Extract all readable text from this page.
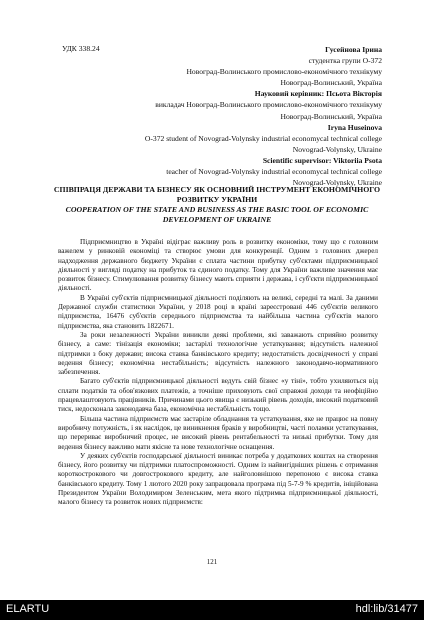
УДК 338.24	Гусейнова Ірина
студентка групи О-372
Новоград-Волинського промислово-економічного технікуму
Новоград-Волинський, Україна
Науковий керівник: Псьота Вікторія
викладач Новоград-Волинського промислово-економічного технікуму
Новоград-Волинський, Україна
Iryna Huseinova
O-372 student of Novograd-Volynsky industrial economycal technical college
Novograd-Volynsky, Ukraine
Scientific supervisor: Viktoriia Psota
teacher of Novograd-Volynsky industrial economycal technical college
Novograd-Volynsky, Ukraine
СПІВПРАЦЯ ДЕРЖАВИ ТА БІЗНЕСУ ЯК ОСНОВНИЙ ІНСТРУМЕНТ ЕКОНОМІЧНОГО РОЗВИТКУ УКРАЇНИ
COOPERATION OF THE STATE AND BUSINESS AS THE BASIC TOOL OF ECONOMIC DEVELOPMENT OF UKRAINE

Підприємництво в Україні відіграє важливу роль в розвитку економіки, тому що є головним важелем у ринковій економіці та створює умови для конкуренції. Одним з головних джерел надходження державного бюджету України є сплата частини прибутку суб'єктами підприємницької діяльності у вигляді податку на прибуток та єдиного податку. Тому для України важливе значення має розвиток бізнесу. Стимулювання розвитку бізнесу мають сприяти і держава, і суб'єкти підприємницької діяльності.

В Україні суб'єктів підприємницької діяльності поділяють на великі, середні та малі. За даними Державної служби статистики України, у 2018 році в країні зареєстровані 446 суб'єктів великого підприємства, 16476 суб'єктів середнього підприємства та найбільша частина суб'єктів малого підприємства, яка становить 1822671.

За роки незалежності України виникли деякі проблеми, які заважають сприяйно розвитку бізнесу, а саме: тінізація економіки; застарілі технологічне устаткування; відсутність належної підтримки з боку держави; висока ставка банківського кредиту; недостатність досвідченості у справі ведення бізнесу; економічна нестабільність; відсутність належного законодавчо-нормативного забезпечення.

Багато суб'єктів підприємницької діяльності ведуть свій бізнес «у тіні», тобто ухиляються від сплати податків та обов'язкових платежів, а точніше приховують свої справжні доходи та неофіційно працевлаштовують працівників. Причинами цього явища є низький рівень доходів, високий податковий тиск, недосконала законодавча база, економічна нестабільність тощо.

Більша частина підприємств має застаріле обладнання та устаткування, яке не працює на повну виробничу потужність, і як наслідок, це виникнення браків у виробництві, часті поламки устаткування, що перериває виробничий процес, не високий рівень рентабельності та низькі прибутки. Тому для ведення бізнесу важливо мати якісне та нове технологічне оснащення.

У деяких суб'єктів господарської діяльності виникає потреба у додаткових коштах на створення бізнесу, його розвитку чи підтримки платоспроможності. Одним із найвигідніших рішень є отримання короткострокового чи довгострокового кредиту, але найголовнішою перепоною є висока ставка банківського кредиту. Тому 1 лютого 2020 року запрацювала програма під 5-7-9 % кредитів, ініційована Президентом України Володимиром Зеленським, мета якого підтримка підприємницької діяльності, малого бізнесу та розвиток нових підприємств:

121
ELARTU	hdl:lib/31477
